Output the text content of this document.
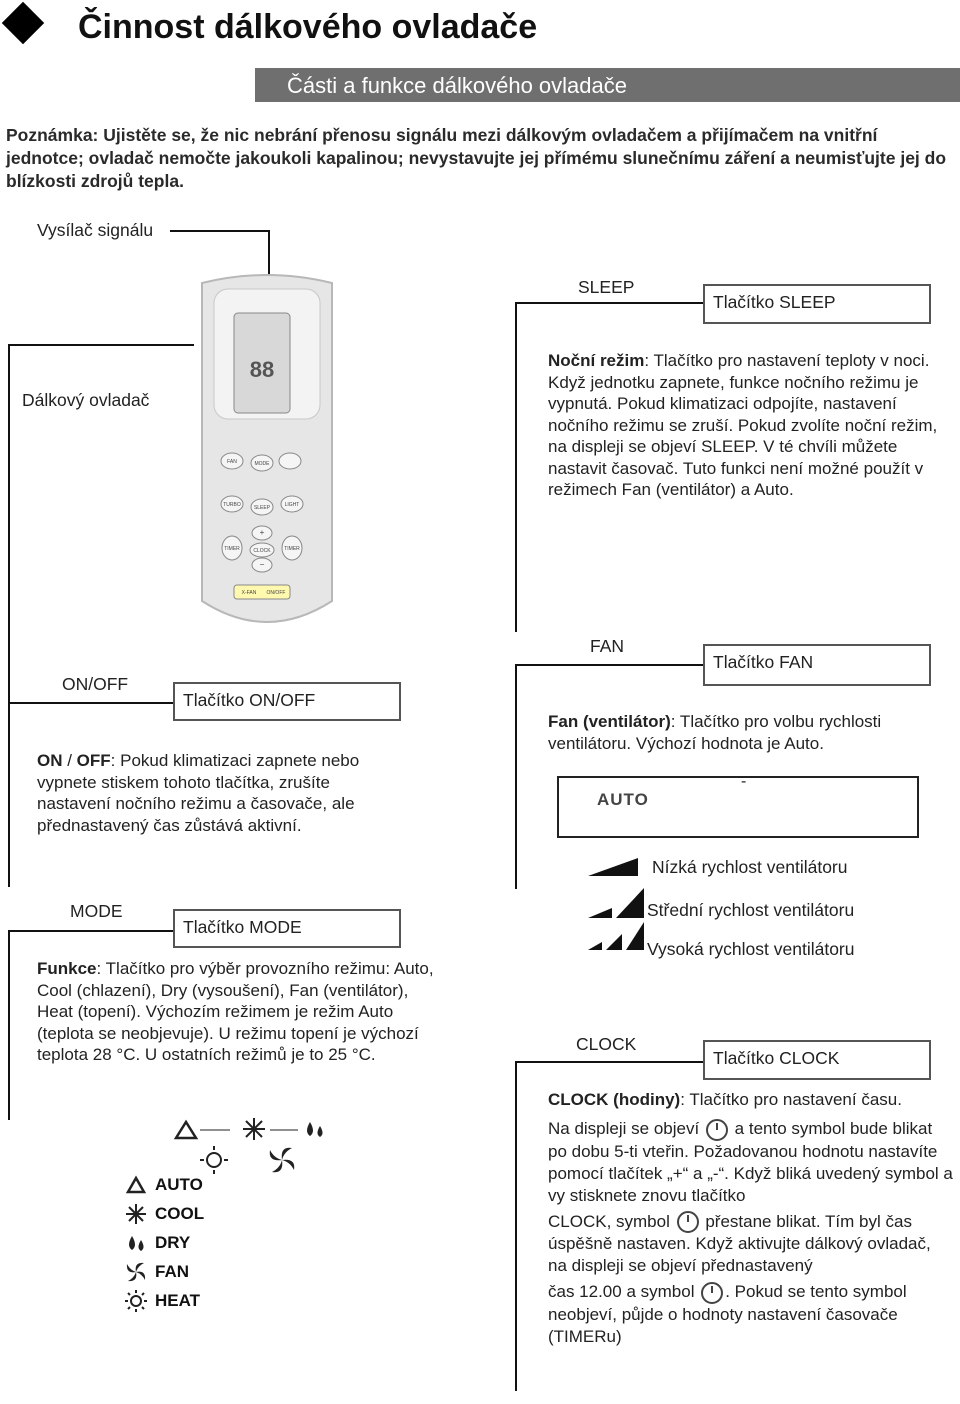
Činnost dálkového ovladače
Části a funkce dálkového ovladače
Poznámka: Ujistěte se, že nic nebrání přenosu signálu mezi dálkovým ovladačem a přijímačem na vnitřní jednotce; ovladač nemočte jakoukoli kapalinou; nevystavujte jej přímému slunečnímu záření a neumisťujte jej do blízkosti zdrojů tepla.
Vysílač signálu
Dálkový ovladač
88
FAN	MODE
TURBO	SLEEP	LIGHT
+
TIMER	CLOCK	TIMER
−
X-FAN ON/OFF
SLEEP
Tlačítko SLEEP
Noční režim: Tlačítko pro nastavení teploty v noci. Když jednotku zapnete, funkce nočního režimu je vypnutá. Pokud klimatizaci odpojíte, nastavení nočního režimu se zruší. Pokud zvolíte noční režim, na displeji se objeví SLEEP. V té chvíli můžete nastavit časovač. Tuto funkci není možné použít v režimech Fan (ventilátor) a Auto.
ON/OFF
Tlačítko ON/OFF
ON / OFF: Pokud klimatizaci zapnete nebo vypnete stiskem tohoto tlačítka, zrušíte nastavení nočního režimu a časovače, ale přednastavený čas zůstává aktivní.
FAN
Tlačítko FAN
Fan (ventilátor): Tlačítko pro volbu rychlosti ventilátoru. Výchozí hodnota je Auto.
AUTO
-
Nízká rychlost ventilátoru
Střední rychlost ventilátoru
Vysoká rychlost ventilátoru
MODE
Tlačítko MODE
Funkce: Tlačítko pro výběr provozního režimu: Auto, Cool (chlazení), Dry (vysoušení), Fan (ventilátor), Heat (topení). Výchozím režimem je režim Auto (teplota se neobjevuje). U režimu topení je výchozí teplota 28 °C. U ostatních režimů je to 25 °C.
AUTO
COOL
DRY
FAN
HEAT
CLOCK
Tlačítko CLOCK
CLOCK (hodiny): Tlačítko pro nastavení času.
Na displeji se objeví a tento symbol bude blikat po dobu 5-ti vteřin. Požadovanou hodnotu nastavíte pomocí tlačítek „+“ a „-“. Když bliká uvedený symbol a vy stisknete znovu tlačítko
CLOCK, symbol přestane blikat. Tím byl čas úspěšně nastaven. Když aktivujte dálkový ovladač, na displeji se objeví přednastavený
čas 12.00 a symbol . Pokud se tento symbol neobjeví, půjde o hodnoty nastavení časovače (TIMERu)
